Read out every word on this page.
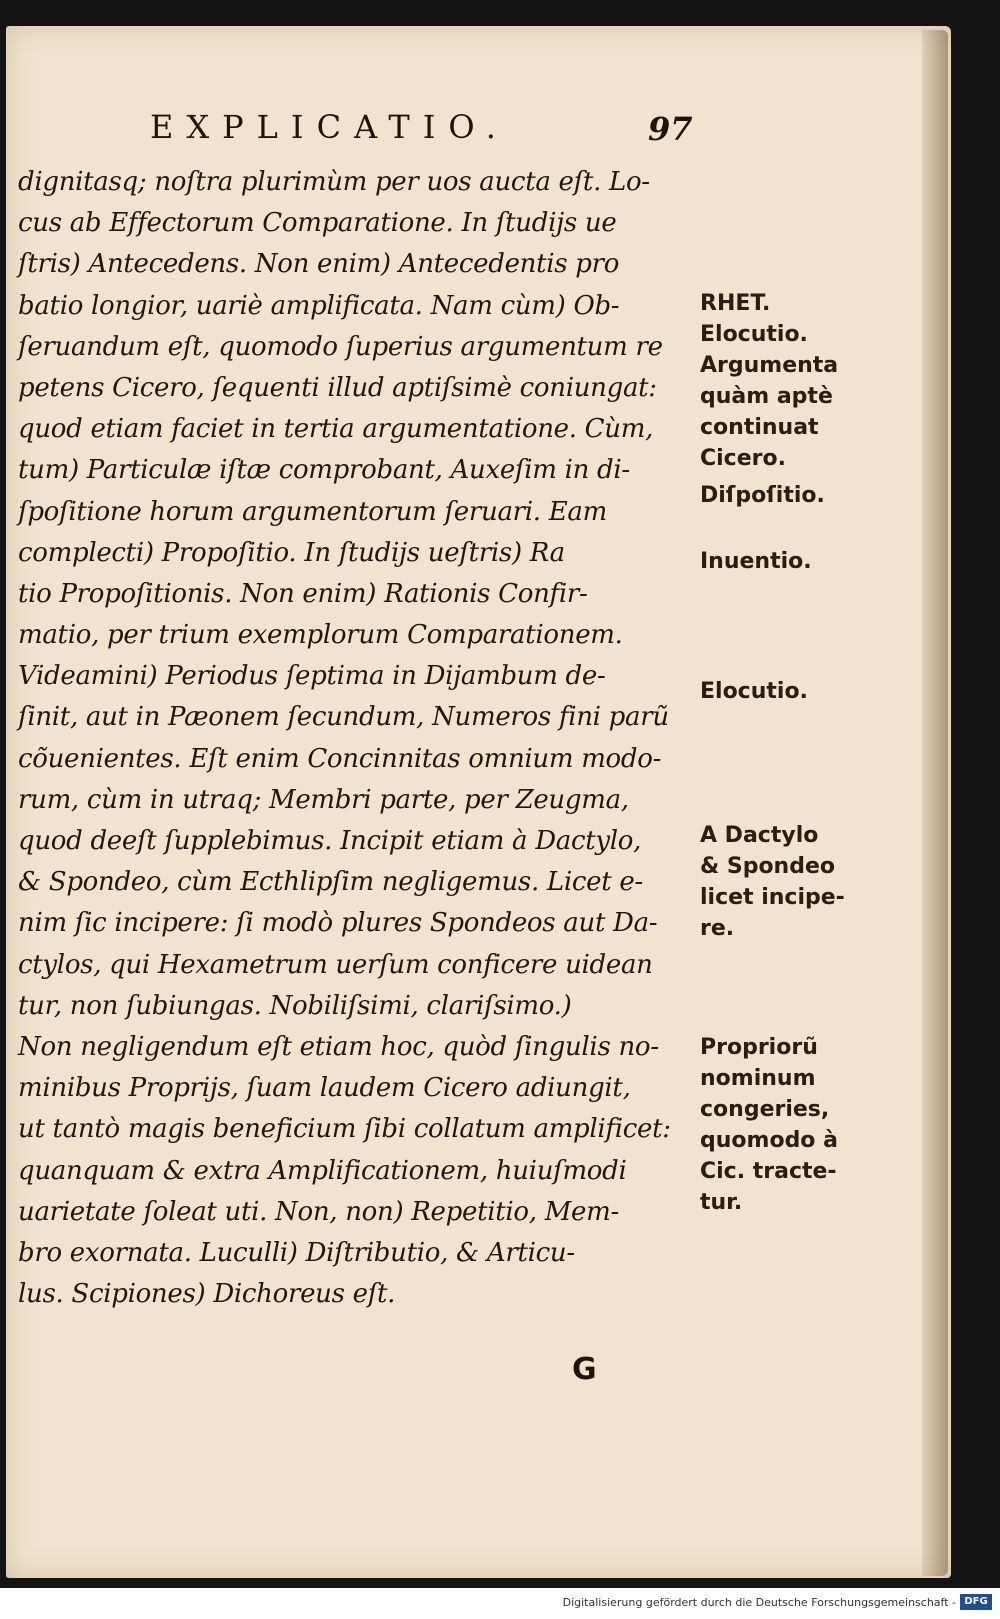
EXPLICATIO.	97
dignitasq; noſtra plurimùm per uos aucta eſt. Lo-
cus ab Effectorum Comparatione. In ſtudijs ue
ſtris) Antecedens. Non enim) Antecedentis pro
batio longior, uariè amplificata. Nam cùm) Ob-
ſeruandum eſt, quomodo ſuperius argumentum re
petens Cicero, ſequenti illud aptiſsimè coniungat:
quod etiam faciet in tertia argumentatione. Cùm,
tum) Particulæ iſtæ comprobant, Auxeſim in di-
ſpoſitione horum argumentorum ſeruari. Eam
complecti) Propoſitio. In ſtudijs ueſtris) Ra
tio Propoſitionis. Non enim) Rationis Confir-
matio, per trium exemplorum Comparationem.
Videamini) Periodus ſeptima in Dijambum de-
ſinit, aut in Pæonem ſecundum, Numeros fini parũ
cõuenientes. Eſt enim Concinnitas omnium modo-
rum, cùm in utraq; Membri parte, per Zeugma,
quod deeſt ſupplebimus. Incipit etiam à Dactylo,
& Spondeo, cùm Ecthlipſim negligemus. Licet e-
nim ſic incipere: ſi modò plures Spondeos aut Da-
ctylos, qui Hexametrum uerſum conficere uidean
tur, non ſubiungas. Nobiliſsimi, clariſsimo.)
Non negligendum eſt etiam hoc, quòd ſingulis no-
minibus Proprijs, ſuam laudem Cicero adiungit,
ut tantò magis beneficium ſibi collatum amplificet:
quanquam & extra Amplificationem, huiuſmodi
uarietate ſoleat uti. Non, non) Repetitio, Mem-
bro exornata. Luculli) Diſtributio, & Articu-
lus. Scipiones) Dichoreus eſt.
RHET.
Elocutio.
Argumenta
quàm aptè
continuat
Cicero.
Diſpoſitio.
Inuentio.
Elocutio.
A Dactylo
& Spondeo
licet incipe-
re.
Propriorũ
nominum
congeries,
quomodo à
Cic. tracte-
tur.
G
Digitalisierung gefördert durch die Deutsche Forschungsgemeinschaft - DFG
